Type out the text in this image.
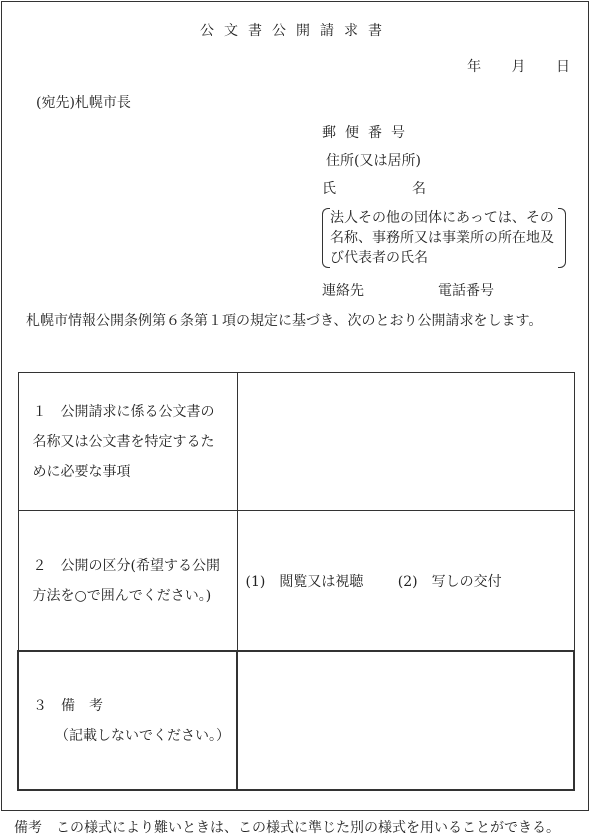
公文書公開請求書
年 月 日
(宛先)札幌市長
郵便番号
住所(又は居所)
氏	名
法人その他の団体にあっては、その名称、事務所又は事業所の所在地及び代表者の氏名
連絡先	電話番号
札幌市情報公開条例第６条第１項の規定に基づき、次のとおり公開請求をします。
１　公開請求に係る公文書の名称又は公文書を特定するために必要な事項	
２　公開の区分(希望する公開方法を○で囲んでください。)	(1)　閲覧又は視聴 (2)　写しの交付

３　備　考
（記載しないでください。）	

備考　この様式により難いときは、この様式に準じた別の様式を用いることができる。
